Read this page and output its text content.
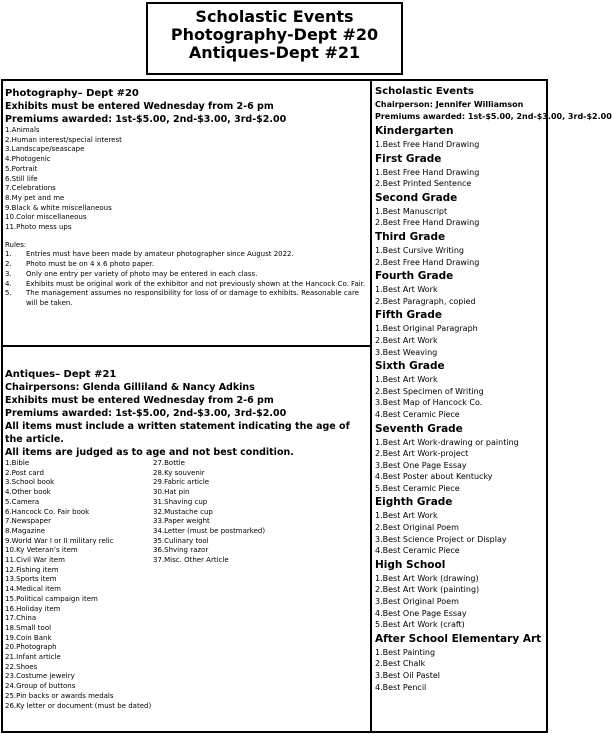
Scholastic Events
Photography-Dept #20
Antiques-Dept #21
Photography– Dept #20
Exhibits must be entered Wednesday from 2-6 pm
Premiums awarded: 1st-$5.00, 2nd-$3.00, 3rd-$2.00
1.Animals
2.Human interest/special interest
3.Landscape/seascape
4.Photogenic
5.Portrait
6.Still life
7.Celebrations
8.My pet and me
9.Black & white miscellaneous
10.Color miscellaneous
11.Photo mess ups
Rules:
1.	Entries must have been made by amateur photographer since August 2022.
2.	Photo must be on 4 x 6 photo paper.
3.	Only one entry per variety of photo may be entered in each class.
4.	Exhibits must be original work of the exhibitor and not previously shown at the Hancock Co. Fair.
5.	The management assumes no responsibility for loss of or damage to exhibits. Reasonable care will be taken.
Antiques– Dept #21
Chairpersons: Glenda Gilliland & Nancy Adkins
Exhibits must be entered Wednesday from 2-6 pm
Premiums awarded: 1st-$5.00, 2nd-$3.00, 3rd-$2.00
All items must include a written statement indicating the age of the article.
All items are judged as to age and not best condition.
1.Bible
2.Post card
3.School book
4.Other book
5.Camera
6.Hancock Co. Fair book
7.Newspaper
8.Magazine
9.World War I or II military relic
10.Ky Veteran’s item
11.Civil War item
12.Fishing item
13.Sports item
14.Medical item
15.Political campaign item
16.Holiday item
17.China
18.Small tool
19.Coin Bank
20.Photograph
21.Infant article
22.Shoes
23.Costume jewelry
24.Group of buttons
25.Pin backs or awards medals
26.Ky letter or document (must be dated)
27.Bottle
28.Ky souvenir
29.Fabric article
30.Hat pin
31.Shaving cup
32.Mustache cup
33.Paper weight
34.Letter (must be postmarked)
35.Culinary tool
36.Shving razor
37.Misc. Other Article
Scholastic Events
Chairperson: Jennifer Williamson
Premiums awarded: 1st-$5.00, 2nd-$3.00, 3rd-$2.00
Kindergarten
1.Best Free Hand Drawing
First Grade
1.Best Free Hand Drawing
2.Best Printed Sentence
Second Grade
1.Best Manuscript
2.Best Free Hand Drawing
Third Grade
1.Best Cursive Writing
2.Best Free Hand Drawing
Fourth Grade
1.Best Art Work
2.Best Paragraph, copied
Fifth Grade
1.Best Original Paragraph
2.Best Art Work
3.Best Weaving
Sixth Grade
1.Best Art Work
2.Best Specimen of Writing
3.Best Map of Hancock Co.
4.Best Ceramic Piece
Seventh Grade
1.Best Art Work-drawing or painting
2.Best Art Work-project
3.Best One Page Essay
4.Best Poster about Kentucky
5.Best Ceramic Piece
Eighth Grade
1.Best Art Work
2.Best Original Poem
3.Best Science Project or Display
4.Best Ceramic Piece
High School
1.Best Art Work (drawing)
2.Best Art Work (painting)
3.Best Original Poem
4.Best One Page Essay
5.Best Art Work (craft)
After School Elementary Art
1.Best Painting
2.Best Chalk
3.Best Oil Pastel
4.Best Pencil
